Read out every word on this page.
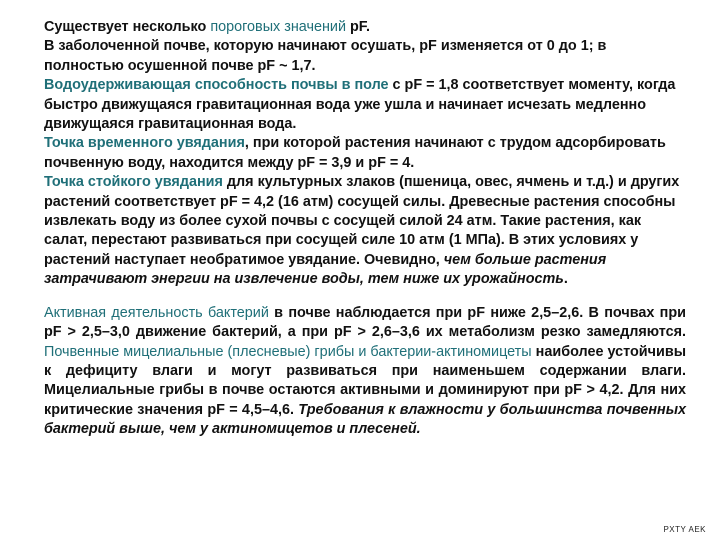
Существует несколько пороговых значений pF.
В заболоченной почве, которую начинают осушать, pF изменяется от 0 до 1; в полностью осушенной почве pF ~ 1,7.
Водоудерживающая способность почвы в поле с pF = 1,8 соответствует моменту, когда быстро движущаяся гравитационная вода уже ушла и начинает исчезать медленно движущаяся гравитационная вода.
Точка временного увядания, при которой растения начинают с трудом адсорбировать почвенную воду, находится между pF = 3,9 и pF = 4.
Точка стойкого увядания для культурных злаков (пшеница, овес, ячмень и т.д.) и других растений соответствует pF = 4,2 (16 атм) сосущей силы. Древесные растения способны извлекать воду из более сухой почвы с сосущей силой 24 атм. Такие растения, как салат, перестают развиваться при сосущей силе 10 атм (1 МПа). В этих условиях у растений наступает необратимое увядание. Очевидно, чем больше растения затрачивают энергии на извлечение воды, тем ниже их урожайность.

Активная деятельность бактерий в почве наблюдается при pF ниже 2,5–2,6. В почвах при pF > 2,5–3,0 движение бактерий, а при pF > 2,6–3,6 их метаболизм резко замедляются. Почвенные мицелиальные (плесневые) грибы и бактерии-актиномицеты наиболее устойчивы к дефициту влаги и могут развиваться при наименьшем содержании влаги. Мицелиальные грибы в почве остаются активными и доминируют при pF > 4,2. Для них критические значения pF = 4,5–4,6. Требования к влажности у большинства почвенных бактерий выше, чем у актиномицетов и плесеней.

PXTY AEK
